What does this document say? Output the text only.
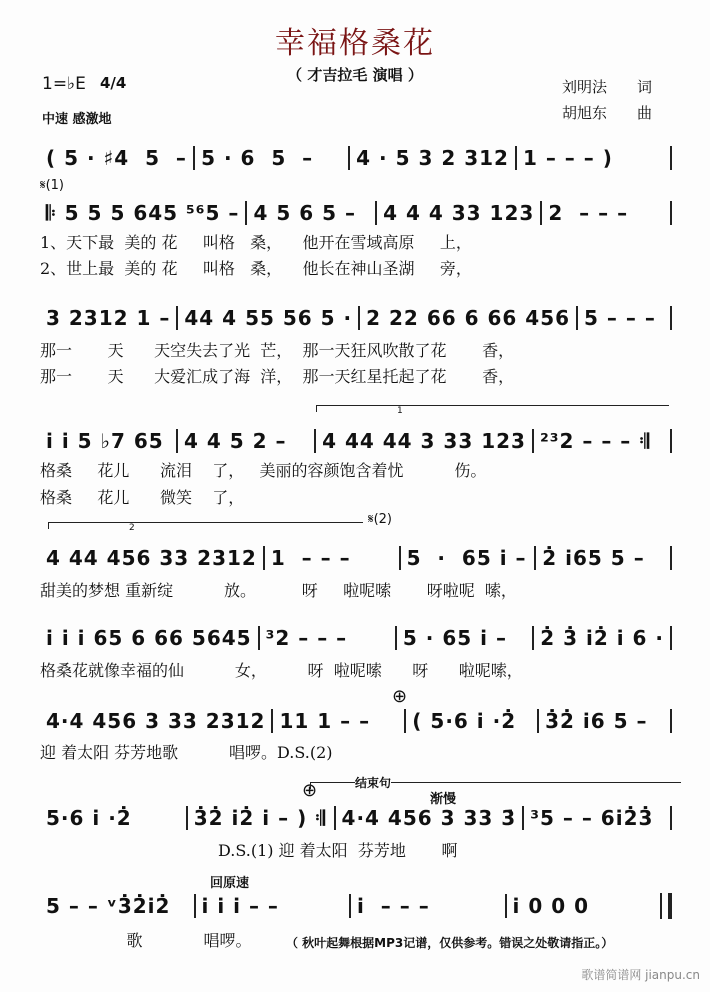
幸福格桑花
（ 才吉拉毛 演唱 ）
1=♭E 4/4
中速 感激地
刘明法　　词
胡旭东　　曲
( 5 · ♯4  5  – 5 · 6  5  –	4 · 5 3 2 312 1 – – – )
𝄆 5 5 5 645 ⁵⁶5 – 4 5 6 5 –	4 4 4 33 123 2  – – –
1、天下最  美的 花     叫格   桑，    他开在雪域高原     上，
2、世上最  美的 花     叫格   桑，    他长在神山圣湖     旁，
3 2312 1 – 44 4 55 56 5 · 2 22 66 6 66 456 5 – – –
那一       天      天空失去了光  芒，  那一天狂风吹散了花       香，
那一       天      大爱汇成了海  洋，  那一天红星托起了花       香，
i̇ i̇ 5 ♭7 65	4 4 5 2 –	4 44 44 3 33 123 ²³2 – – – 𝄇
格桑     花儿      流泪    了，   美丽的容颜饱含着忧          伤。
格桑     花儿      微笑    了，
4 44 456 33 2312 1  – – –	5  ·  65 i̇ – 2̇ i̇65 5 –
甜美的梦想 重新绽          放。         呀     啦呢嗦       呀啦呢  嗦，
i̇ i̇ i̇ 65 6 66 5645 ³2 – – –	5 · 65 i̇ –	2̇ 3̇ i̇2̇ i̇ 6 ·
格桑花就像幸福的仙          女，        呀  啦呢嗦      呀      啦呢嗦，
4·4 456 3 33 2312 11 1 – –	( 5·6 i̇ ·2̇	3̇2̇ i̇6 5 –
迎 着太阳 芬芳地歌          唱啰。D.S.(2)
5·6 i̇ ·2̇	3̇2̇ i̇2̇ i̇ – ) 𝄇 4·4 456 3 33 3̇ ³5 – – 6i̇2̇3̇
D.S.(1) 迎 着太阳  芬芳地       啊
5 – – ᵛ3̇2̇i̇2̇	i̇ i̇ i̇ – –	i̇  – – –	i̇ 0 0 0
歌            唱啰。
𝄋(1)
1
2
𝄋(2)
⊕
⊕	结束句
渐慢
回原速
（ 秋叶起舞根据MP3记谱，仅供参考。错误之处敬请指正。）
歌谱简谱网 jianpu.cn
